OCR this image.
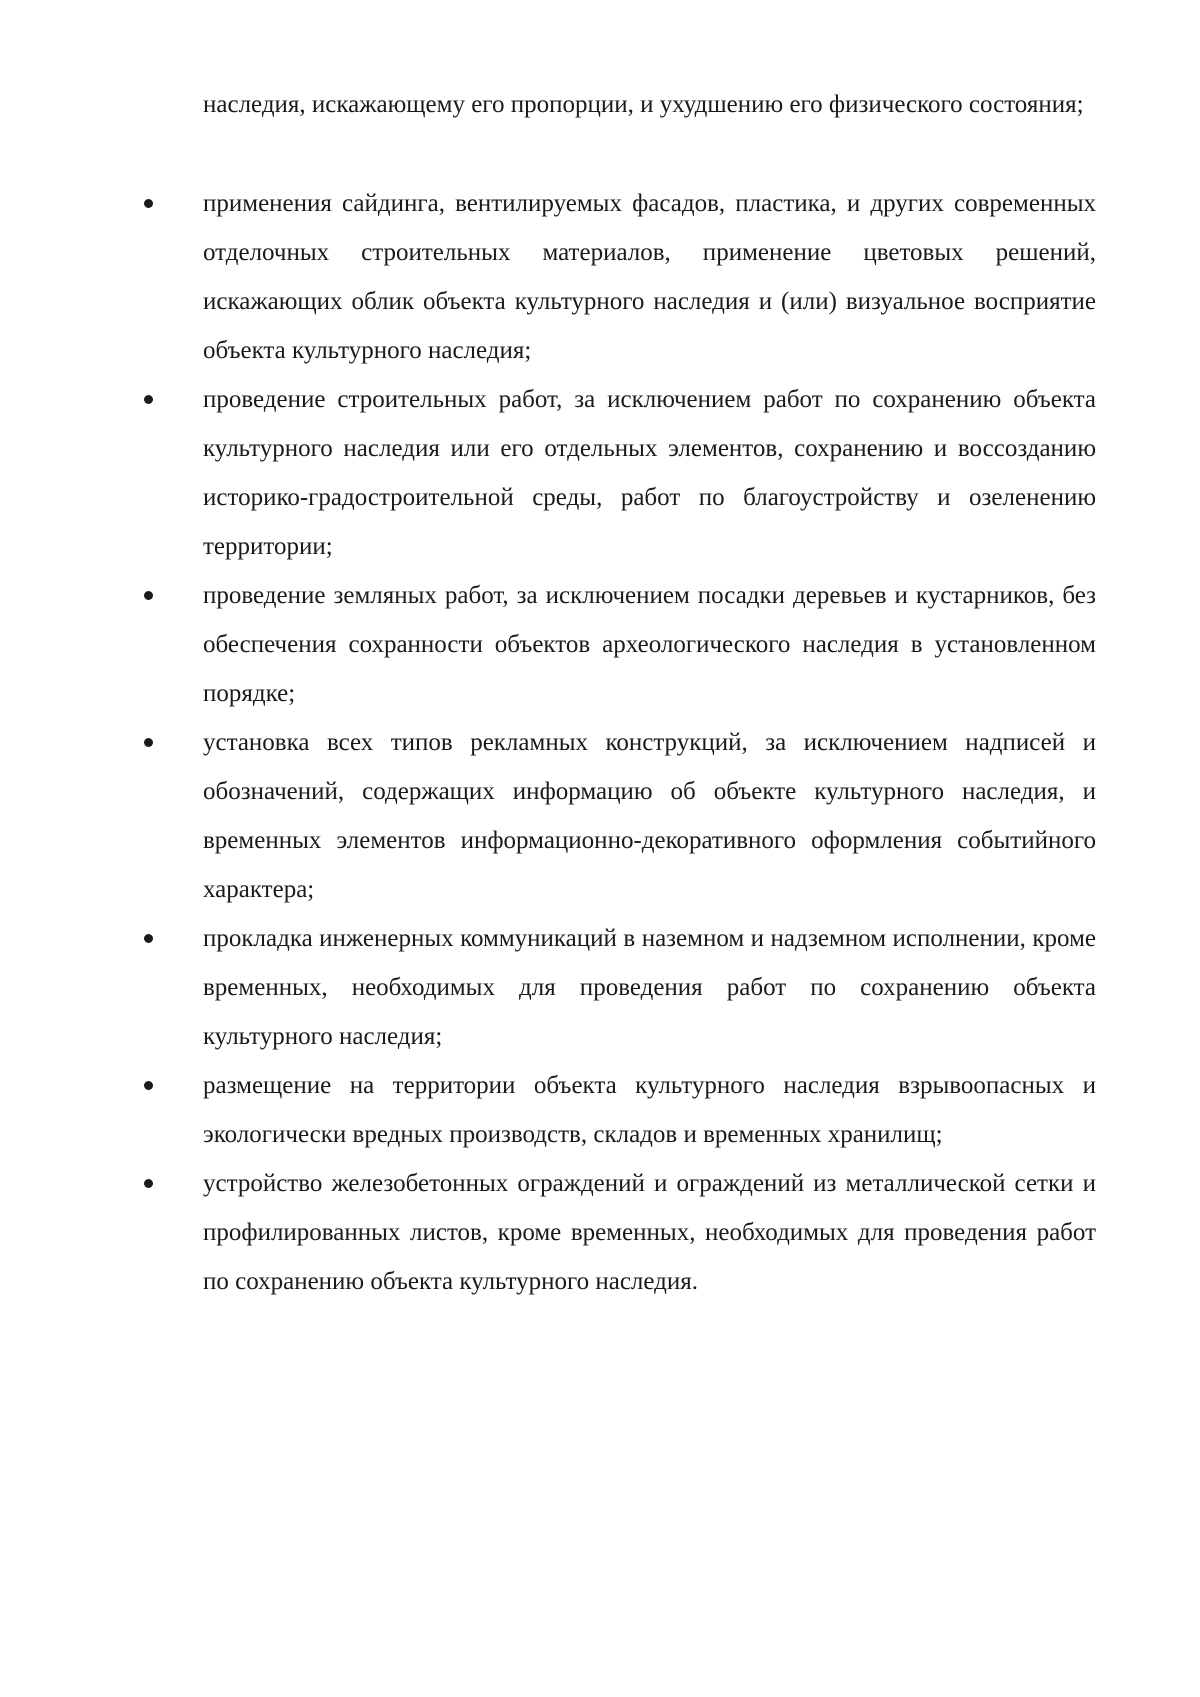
наследия, искажающему его пропорции, и ухудшению его физического состояния;

применения сайдинга, вентилируемых фасадов, пластика, и других современных отделочных строительных материалов, применение цветовых решений, искажающих облик объекта культурного наследия и (или) визуальное восприятие объекта культурного наследия;
проведение строительных работ, за исключением работ по сохранению объекта культурного наследия или его отдельных элементов, сохранению и воссозданию историко-градостроительной среды, работ по благоустройству и озеленению территории;
проведение земляных работ, за исключением посадки деревьев и кустарников, без обеспечения сохранности объектов археологического наследия в установленном порядке;
установка всех типов рекламных конструкций, за исключением надписей и обозначений, содержащих информацию об объекте культурного наследия, и временных элементов информационно-декоративного оформления событийного характера;
прокладка инженерных коммуникаций в наземном и надземном исполнении, кроме временных, необходимых для проведения работ по сохранению объекта культурного наследия;
размещение на территории объекта культурного наследия взрывоопасных и экологически вредных производств, складов и временных хранилищ;
устройство железобетонных ограждений и ограждений из металлической сетки и профилированных листов, кроме временных, необходимых для проведения работ по сохранению объекта культурного наследия.
